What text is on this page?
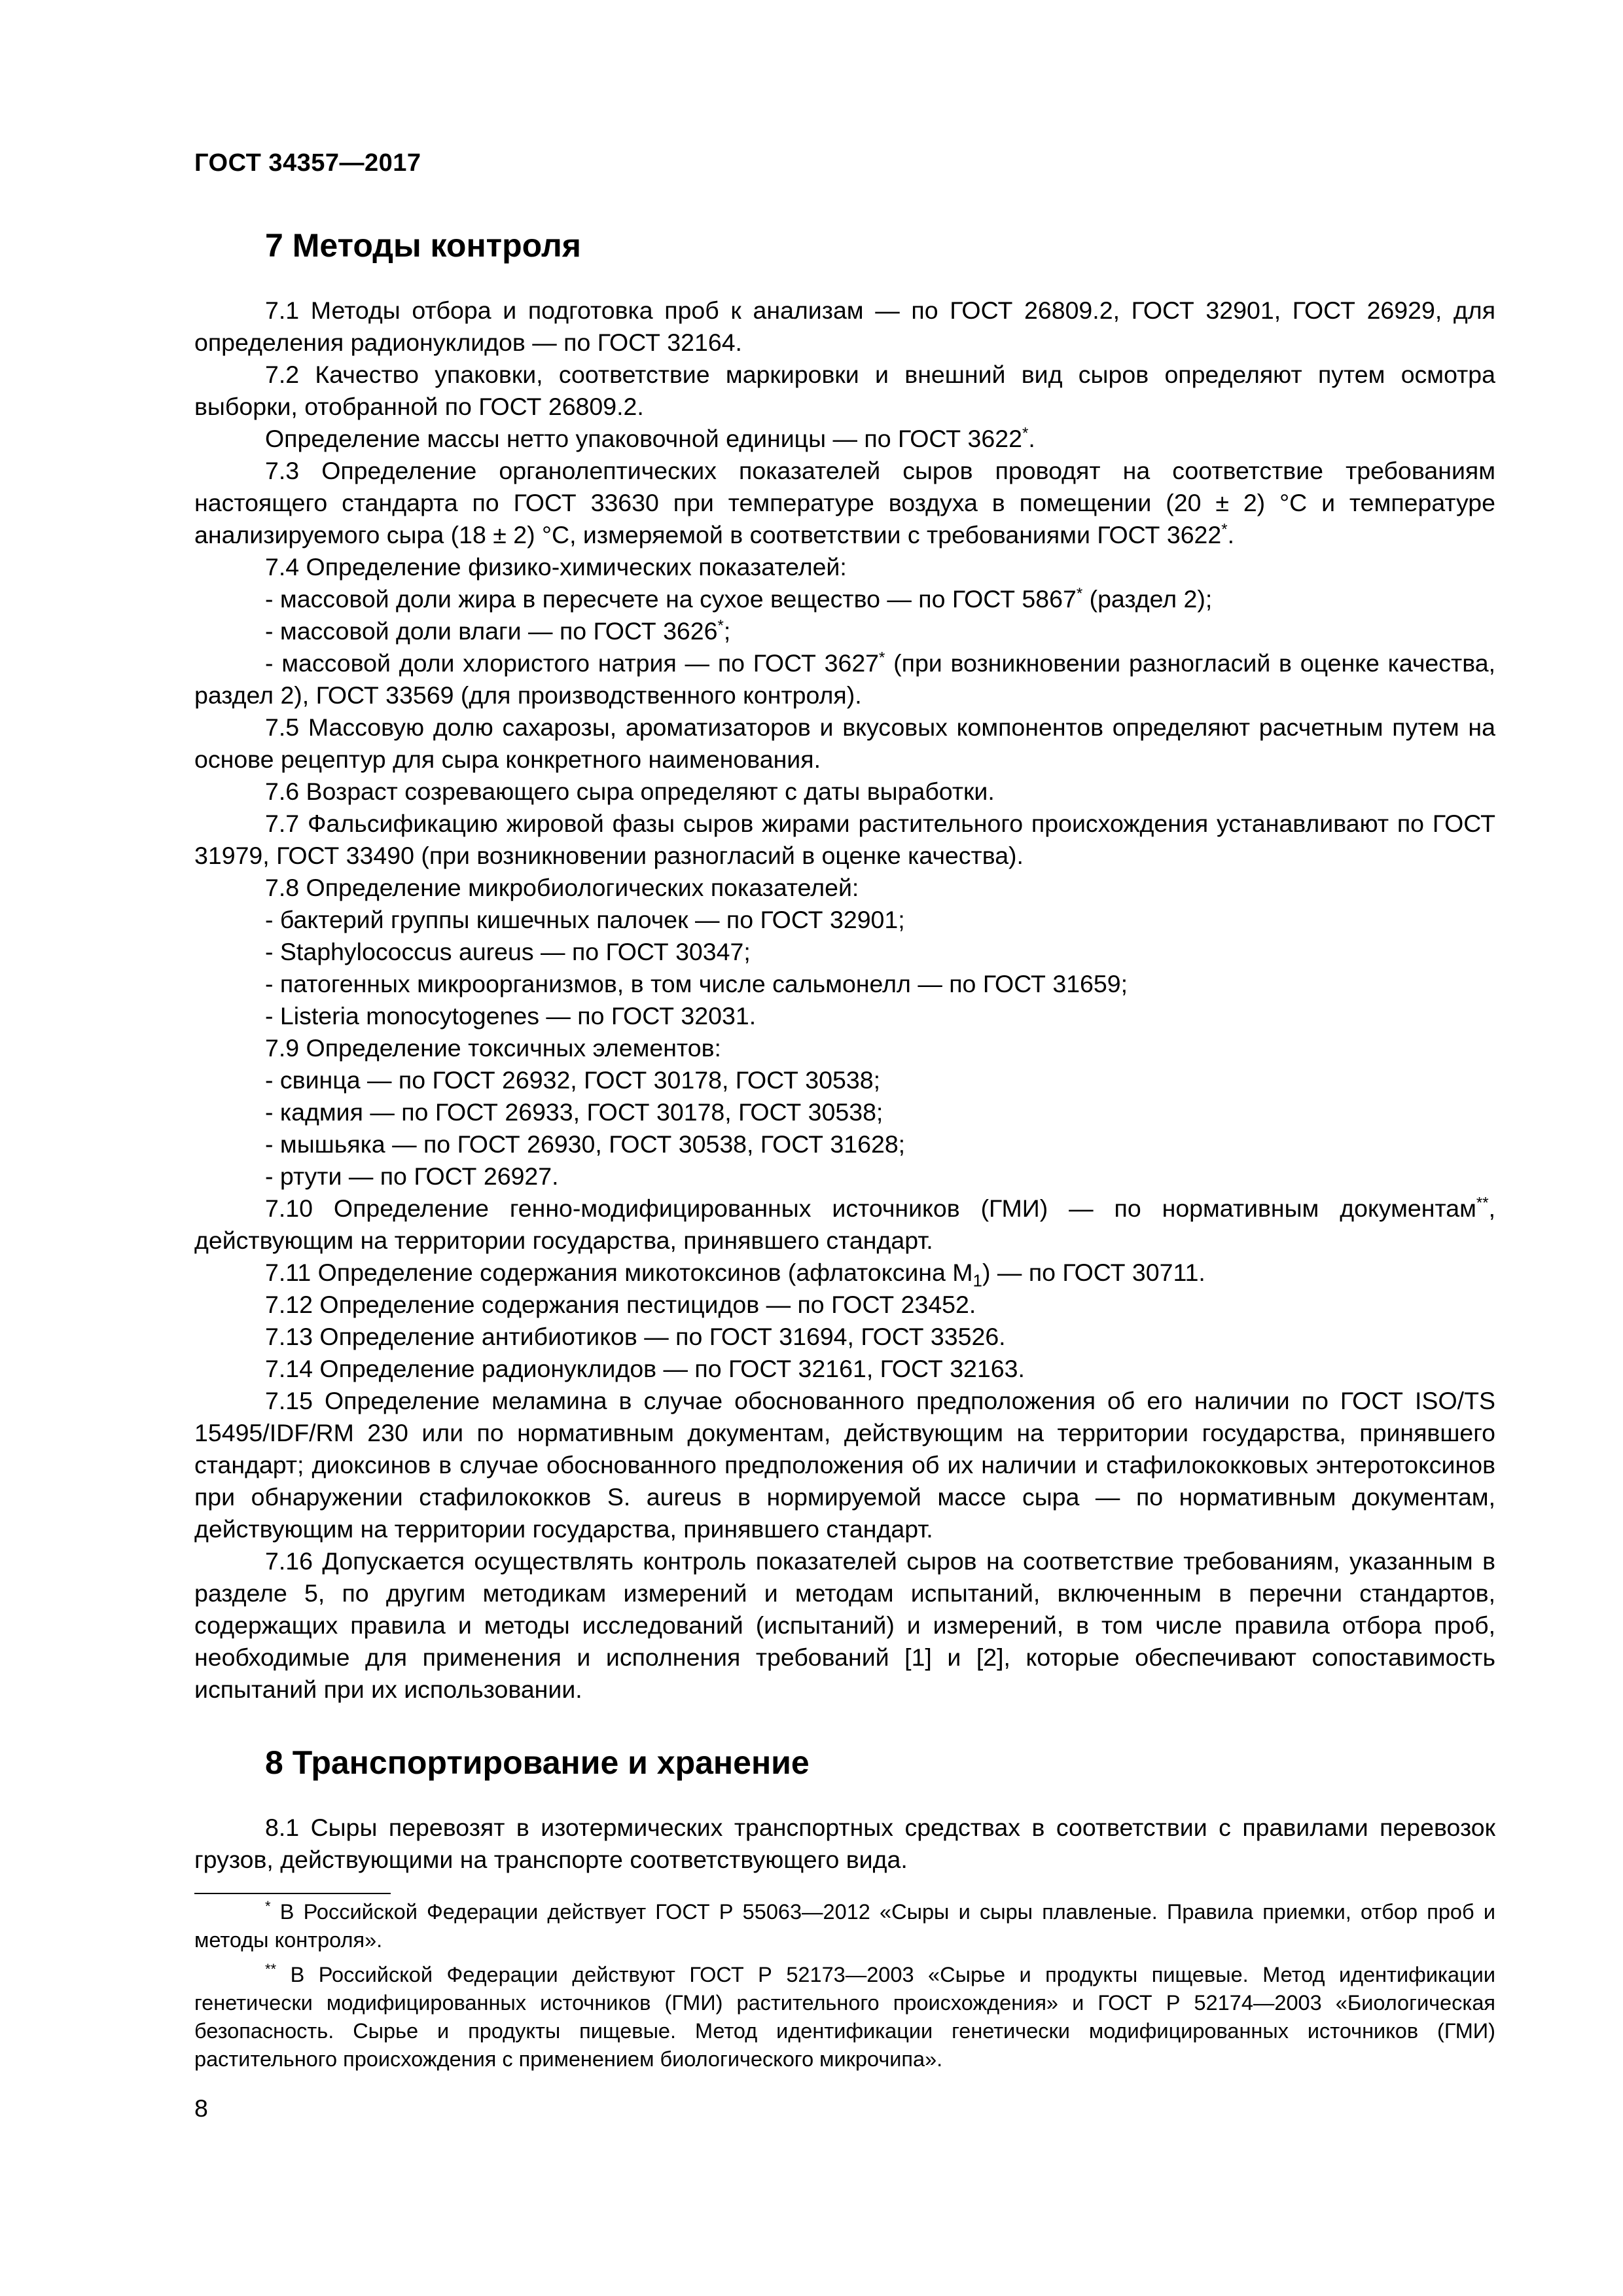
ГОСТ 34357—2017
7 Методы контроля

7.1 Методы отбора и подготовка проб к анализам — по ГОСТ 26809.2, ГОСТ 32901, ГОСТ 26929, для определения радионуклидов — по ГОСТ 32164.

7.2 Качество упаковки, соответствие маркировки и внешний вид сыров определяют путем осмотра выборки, отобранной по ГОСТ 26809.2.

Определение массы нетто упаковочной единицы — по ГОСТ 3622*.

7.3 Определение органолептических показателей сыров проводят на соответствие требованиям настоящего стандарта по ГОСТ 33630 при температуре воздуха в помещении (20 ± 2) °C и температуре анализируемого сыра (18 ± 2) °C, измеряемой в соответствии с требованиями ГОСТ 3622*.

7.4 Определение физико-химических показателей:

- массовой доли жира в пересчете на сухое вещество — по ГОСТ 5867* (раздел 2);

- массовой доли влаги — по ГОСТ 3626*;

- массовой доли хлористого натрия — по ГОСТ 3627* (при возникновении разногласий в оценке качества, раздел 2), ГОСТ 33569 (для производственного контроля).

7.5 Массовую долю сахарозы, ароматизаторов и вкусовых компонентов определяют расчетным путем на основе рецептур для сыра конкретного наименования.

7.6 Возраст созревающего сыра определяют с даты выработки.

7.7 Фальсификацию жировой фазы сыров жирами растительного происхождения устанавливают по ГОСТ 31979, ГОСТ 33490 (при возникновении разногласий в оценке качества).

7.8 Определение микробиологических показателей:

- бактерий группы кишечных палочек — по ГОСТ 32901;

- Staphylococcus aureus — по ГОСТ 30347;

- патогенных микроорганизмов, в том числе сальмонелл — по ГОСТ 31659;

- Listeria monocytogenes — по ГОСТ 32031.

7.9 Определение токсичных элементов:

- свинца — по ГОСТ 26932, ГОСТ 30178, ГОСТ 30538;

- кадмия — по ГОСТ 26933, ГОСТ 30178, ГОСТ 30538;

- мышьяка — по ГОСТ 26930, ГОСТ 30538, ГОСТ 31628;

- ртути — по ГОСТ 26927.

7.10 Определение генно-модифицированных источников (ГМИ) — по нормативным документам**, действующим на территории государства, принявшего стандарт.

7.11 Определение содержания микотоксинов (афлатоксина $M_1$) — по ГОСТ 30711.

7.12 Определение содержания пестицидов — по ГОСТ 23452.

7.13 Определение антибиотиков — по ГОСТ 31694, ГОСТ 33526.

7.14 Определение радионуклидов — по ГОСТ 32161, ГОСТ 32163.

7.15 Определение меламина в случае обоснованного предположения об его наличии по ГОСТ ISO/TS 15495/IDF/RM 230 или по нормативным документам, действующим на территории государства, принявшего стандарт; диоксинов в случае обоснованного предположения об их наличии и стафилококковых энтеротоксинов при обнаружении стафилококков S. aureus в нормируемой массе сыра — по нормативным документам, действующим на территории государства, принявшего стандарт.

7.16 Допускается осуществлять контроль показателей сыров на соответствие требованиям, указанным в разделе 5, по другим методикам измерений и методам испытаний, включенным в перечни стандартов, содержащих правила и методы исследований (испытаний) и измерений, в том числе правила отбора проб, необходимые для применения и исполнения требований [1] и [2], которые обеспечивают сопоставимость испытаний при их использовании.

8 Транспортирование и хранение

8.1 Сыры перевозят в изотермических транспортных средствах в соответствии с правилами перевозок грузов, действующими на транспорте соответствующего вида.

* В Российской Федерации действует ГОСТ Р 55063—2012 «Сыры и сыры плавленые. Правила приемки, отбор проб и методы контроля».

** В Российской Федерации действуют ГОСТ Р 52173—2003 «Сырье и продукты пищевые. Метод идентификации генетически модифицированных источников (ГМИ) растительного происхождения» и ГОСТ Р 52174—2003 «Биологическая безопасность. Сырье и продукты пищевые. Метод идентификации генетически модифицированных источников (ГМИ) растительного происхождения с применением биологического микрочипа».

8
